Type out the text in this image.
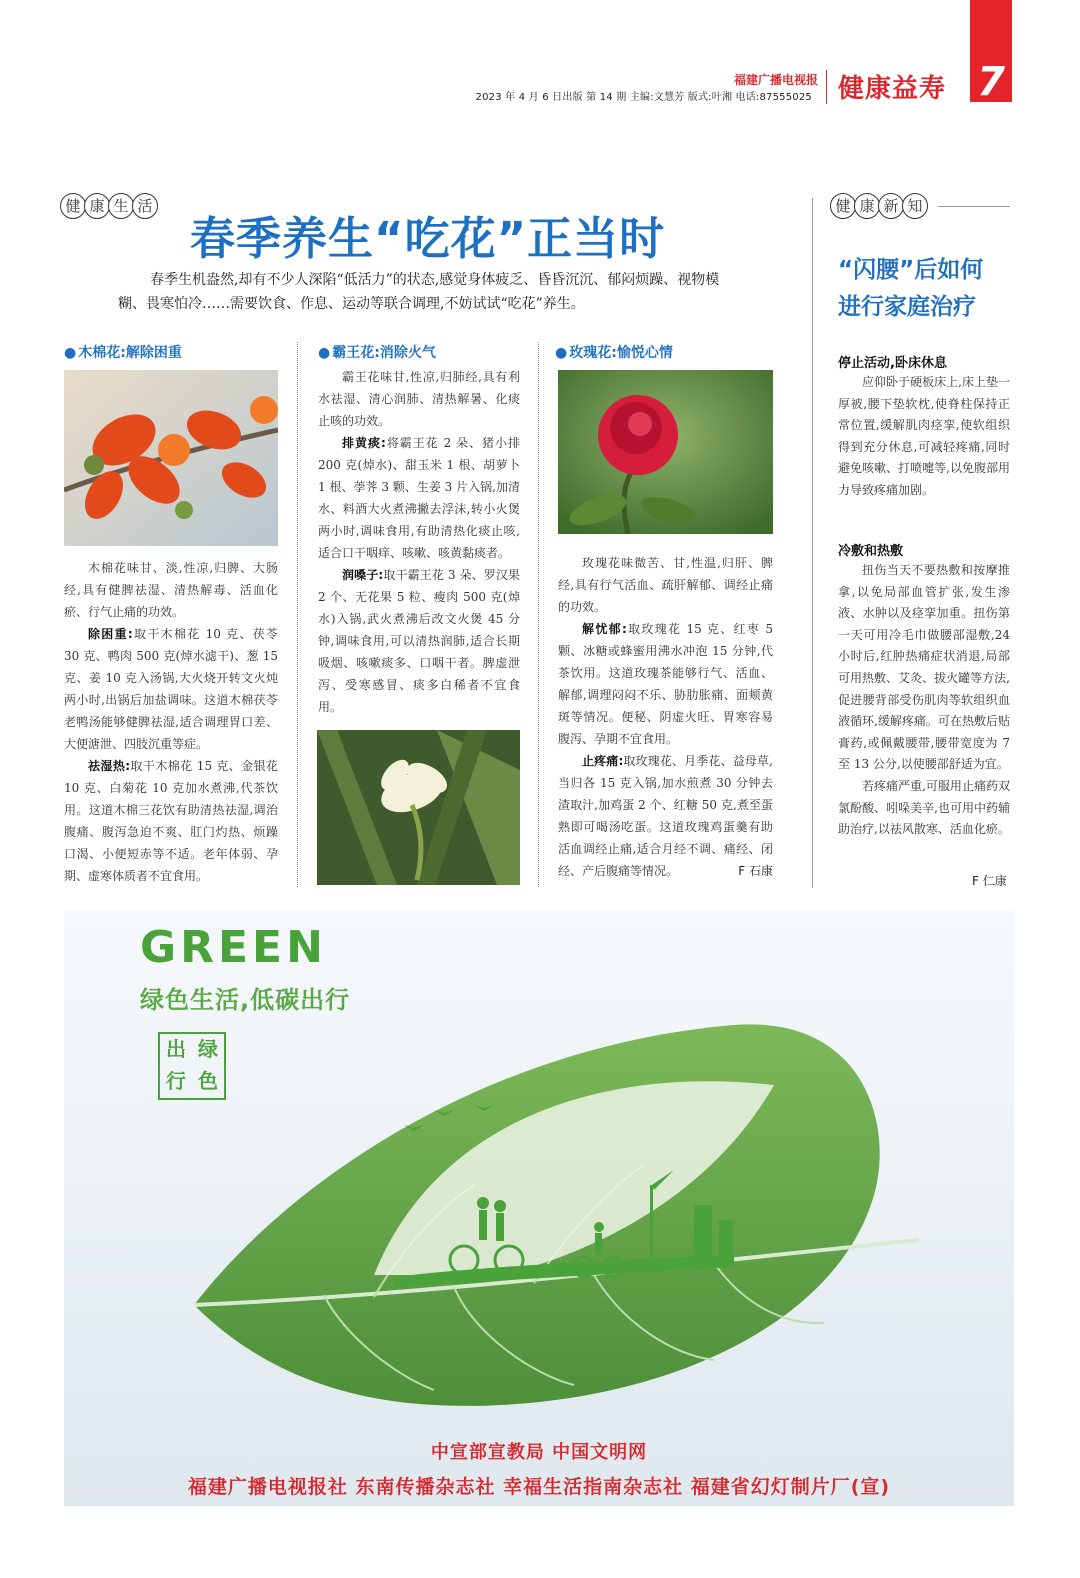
福建广播电视报
2023 年 4 月 6 日出版 第 14 期 主编:文慧芳 版式:叶湘 电话:87555025 健康益寿 7
健 康 生 活
春季养生“吃花”正当时
春季生机盎然,却有不少人深陷“低活力”的状态,感觉身体疲乏、昏昏沉沉、郁闷烦躁、视物模糊、畏寒怕冷……需要饮食、作息、运动等联合调理,不妨试试“吃花”养生。
● 木棉花:解除困重

木棉花味甘、淡,性凉,归脾、大肠经,具有健脾祛湿、清热解毒、活血化瘀、行气止痛的功效。

除困重:取干木棉花 10 克、茯苓 30 克、鸭肉 500 克(焯水滤干)、葱 15 克、姜 10 克入汤锅,大火烧开转文火炖两小时,出锅后加盐调味。这道木棉茯苓老鸭汤能够健脾祛湿,适合调理胃口差、大便溏泄、四肢沉重等症。

祛湿热:取干木棉花 15 克、金银花 10 克、白菊花 10 克加水煮沸,代茶饮用。这道木棉三花饮有助清热祛湿,调治腹痛、腹泻急迫不爽、肛门灼热、烦躁口渴、小便短赤等不适。老年体弱、孕期、虚寒体质者不宜食用。

● 霸王花:消除火气

霸王花味甘,性凉,归肺经,具有利水祛湿、清心润肺、清热解暑、化痰止咳的功效。

排黄痰:将霸王花 2 朵、猪小排 200 克(焯水)、甜玉米 1 根、胡萝卜 1 根、荸荠 3 颗、生姜 3 片入锅,加清水、料酒大火煮沸撇去浮沫,转小火煲两小时,调味食用,有助清热化痰止咳,适合口干咽痒、咳嗽、咳黄黏痰者。

润嗓子:取干霸王花 3 朵、罗汉果 2 个、无花果 5 粒、瘦肉 500 克(焯水)入锅,武火煮沸后改文火煲 45 分钟,调味食用,可以清热润肺,适合长期吸烟、咳嗽痰多、口咽干者。脾虚泄泻、受寒感冒、痰多白稀者不宜食用。

● 玫瑰花:愉悦心情

玫瑰花味微苦、甘,性温,归肝、脾经,具有行气活血、疏肝解郁、调经止痛的功效。

解忧郁:取玫瑰花 15 克、红枣 5 颗、冰糖或蜂蜜用沸水冲泡 15 分钟,代茶饮用。这道玫瑰茶能够行气、活血、解郁,调理闷闷不乐、胁肋胀痛、面颊黄斑等情况。便秘、阴虚火旺、胃寒容易腹泻、孕期不宜食用。

止疼痛:取玫瑰花、月季花、益母草,当归各 15 克入锅,加水煎煮 30 分钟去渣取汁,加鸡蛋 2 个、红糖 50 克,煮至蛋熟即可喝汤吃蛋。这道玫瑰鸡蛋羹有助活血调经止痛,适合月经不调、痛经、闭经、产后腹痛等情况。	F 石康

健 康 新 知
“闪腰”后如何
进行家庭治疗
停止活动,卧床休息

应仰卧于硬板床上,床上垫一厚被,腰下垫软枕,使脊柱保持正常位置,缓解肌肉痉挛,使软组织得到充分休息,可减轻疼痛,同时避免咳嗽、打喷嚏等,以免腹部用力导致疼痛加剧。

冷敷和热敷

扭伤当天不要热敷和按摩推拿,以免局部血管扩张,发生渗液、水肿以及痉挛加重。扭伤第一天可用冷毛巾做腰部湿敷,24 小时后,红肿热痛症状消退,局部可用热敷、艾灸、拔火罐等方法,促进腰背部受伤肌肉等软组织血液循环,缓解疼痛。可在热敷后贴膏药,或佩戴腰带,腰带宽度为 7 至 13 公分,以使腰部舒适为宜。

若疼痛严重,可服用止痛药双氯酚酸、吲哚美辛,也可用中药辅助治疗,以祛风散寒、活血化瘀。

F 仁康
GREEN
绿色生活,低碳出行
出 绿
行 色
中宣部宣教局 中国文明网
福建广播电视报社 东南传播杂志社 幸福生活指南杂志社 福建省幻灯制片厂(宣)
